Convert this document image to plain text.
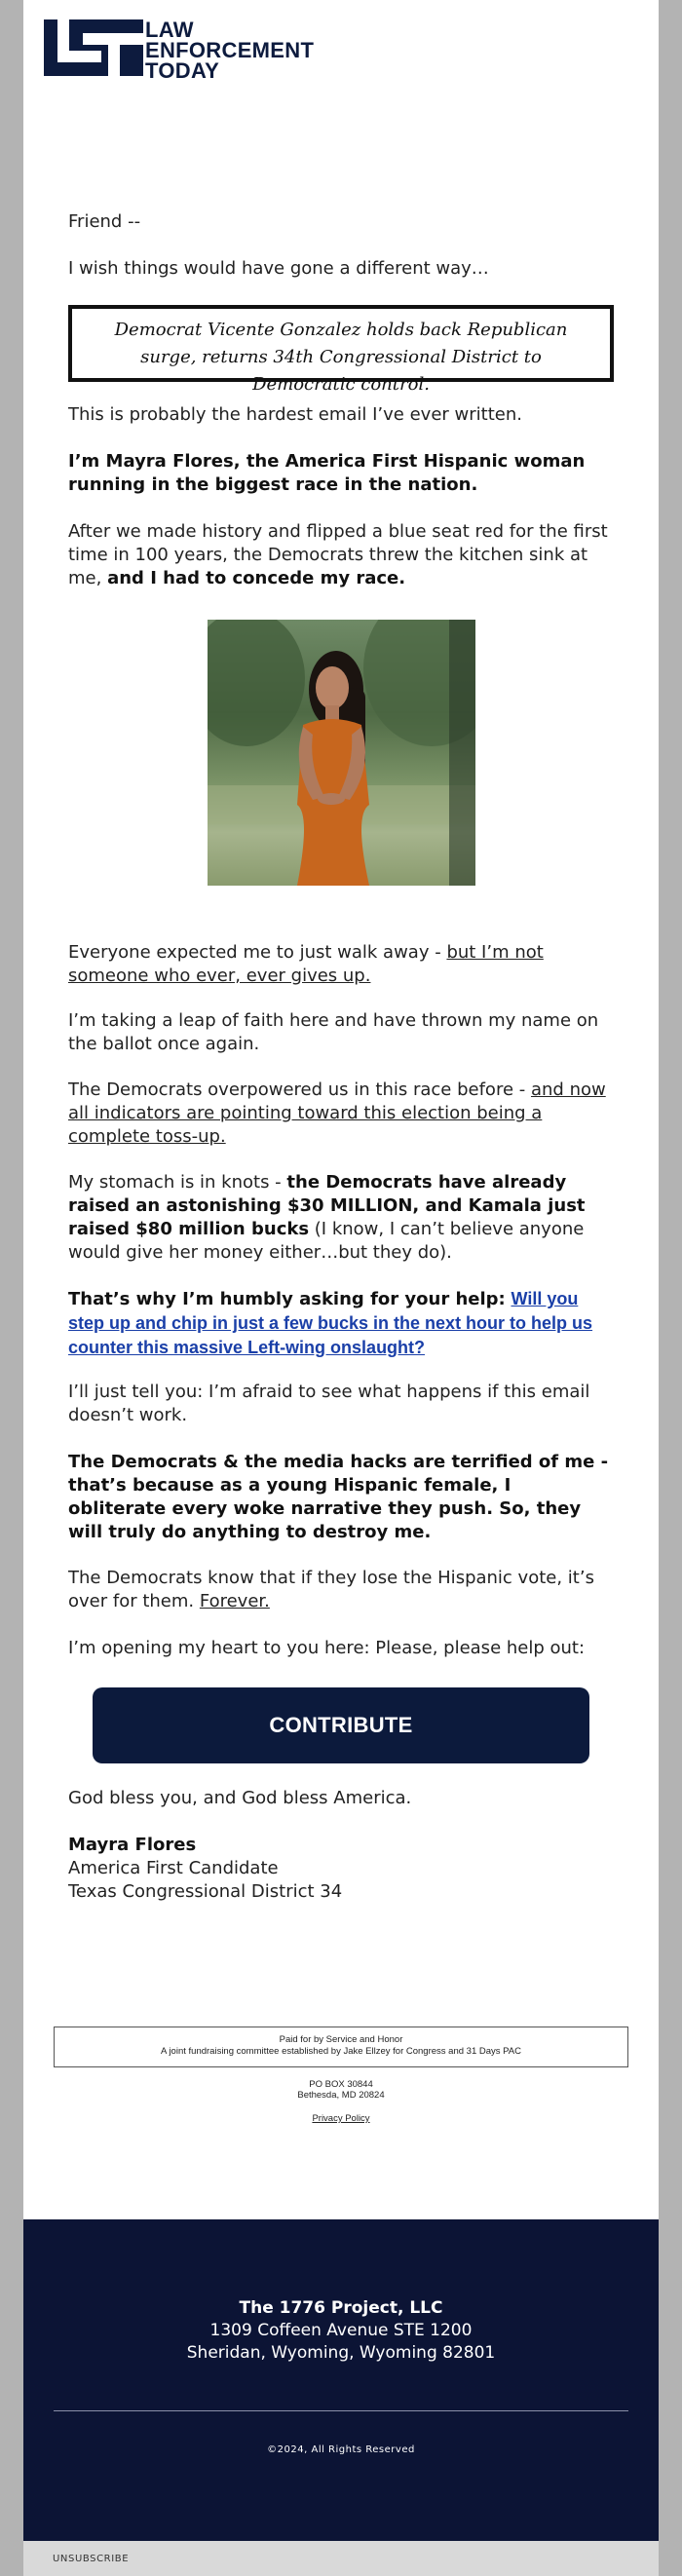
LAW
ENFORCEMENT
TODAY
Friend --
I wish things would have gone a different way…
Democrat Vicente Gonzalez holds back Republican surge, returns 34th Congressional District to Democratic control.
This is probably the hardest email I’ve ever written.
I’m Mayra Flores, the America First Hispanic woman running in the biggest race in the nation.
After we made history and flipped a blue seat red for the first time in 100 years, the Democrats threw the kitchen sink at me, and I had to concede my race.
Everyone expected me to just walk away - but I’m not someone who ever, ever gives up.
I’m taking a leap of faith here and have thrown my name on the ballot once again.
The Democrats overpowered us in this race before - and now all indicators are pointing toward this election being a complete toss-up.
My stomach is in knots - the Democrats have already raised an astonishing $30 MILLION, and Kamala just raised $80 million bucks (I know, I can’t believe anyone would give her money either…but they do).
That’s why I’m humbly asking for your help: Will you step up and chip in just a few bucks in the next hour to help us counter this massive Left-wing onslaught?
I’ll just tell you: I’m afraid to see what happens if this email doesn’t work.
The Democrats & the media hacks are terrified of me - that’s because as a young Hispanic female, I obliterate every woke narrative they push. So, they will truly do anything to destroy me.
The Democrats know that if they lose the Hispanic vote, it’s over for them. Forever.
I’m opening my heart to you here: Please, please help out:
CONTRIBUTE
God bless you, and God bless America.
Mayra Flores
America First Candidate
Texas Congressional District 34
Paid for by Service and Honor
A joint fundraising committee established by Jake Ellzey for Congress and 31 Days PAC
PO BOX 30844
Bethesda, MD 20824
Privacy Policy
The 1776 Project, LLC
1309 Coffeen Avenue STE 1200
Sheridan, Wyoming, Wyoming 82801
©2024, All Rights Reserved
UNSUBSCRIBE
